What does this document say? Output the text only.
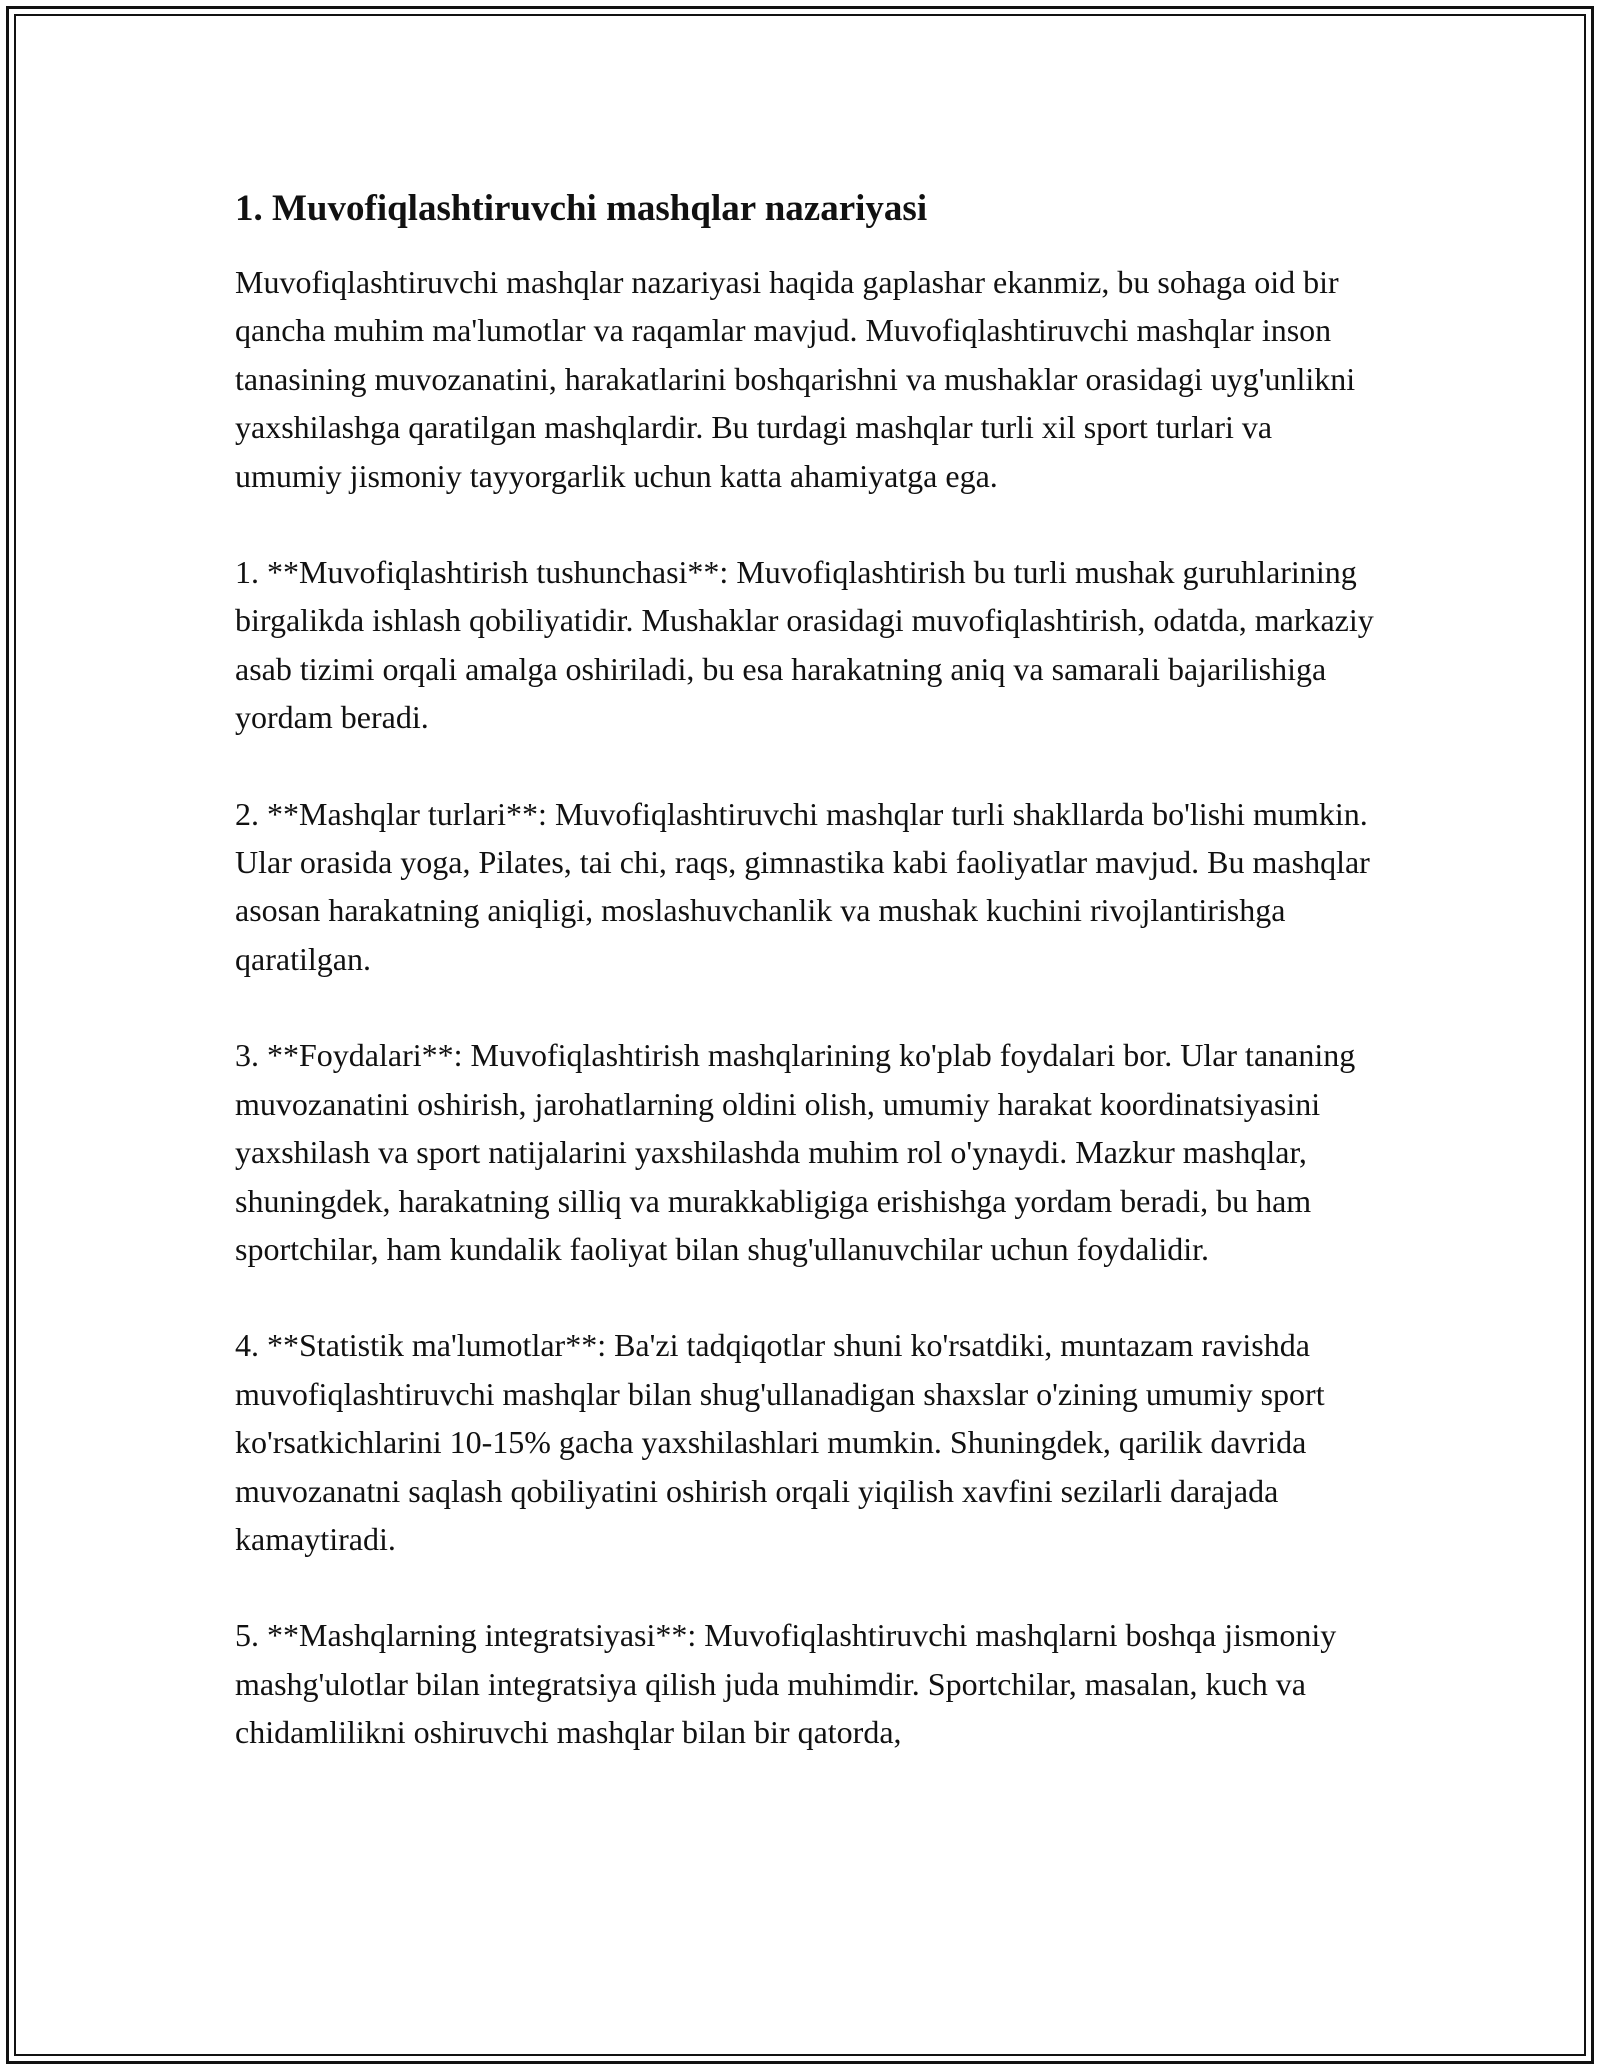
1. Muvofiqlashtiruvchi mashqlar nazariyasi

Muvofiqlashtiruvchi mashqlar nazariyasi haqida gaplashar ekanmiz, bu sohaga oid bir qancha muhim ma'lumotlar va raqamlar mavjud. Muvofiqlashtiruvchi mashqlar inson tanasining muvozanatini, harakatlarini boshqarishni va mushaklar orasidagi uyg'unlikni yaxshilashga qaratilgan mashqlardir. Bu turdagi mashqlar turli xil sport turlari va umumiy jismoniy tayyorgarlik uchun katta ahamiyatga ega.

1. **Muvofiqlashtirish tushunchasi**: Muvofiqlashtirish bu turli mushak guruhlarining birgalikda ishlash qobiliyatidir. Mushaklar orasidagi muvofiqlashtirish, odatda, markaziy asab tizimi orqali amalga oshiriladi, bu esa harakatning aniq va samarali bajarilishiga yordam beradi.

2. **Mashqlar turlari**: Muvofiqlashtiruvchi mashqlar turli shakllarda bo'lishi mumkin. Ular orasida yoga, Pilates, tai chi, raqs, gimnastika kabi faoliyatlar mavjud. Bu mashqlar asosan harakatning aniqligi, moslashuvchanlik va mushak kuchini rivojlantirishga qaratilgan.

3. **Foydalari**: Muvofiqlashtirish mashqlarining ko'plab foydalari bor. Ular tananing muvozanatini oshirish, jarohatlarning oldini olish, umumiy harakat koordinatsiyasini yaxshilash va sport natijalarini yaxshilashda muhim rol o'ynaydi. Mazkur mashqlar, shuningdek, harakatning silliq va murakkabligiga erishishga yordam beradi, bu ham sportchilar, ham kundalik faoliyat bilan shug'ullanuvchilar uchun foydalidir.

4. **Statistik ma'lumotlar**: Ba'zi tadqiqotlar shuni ko'rsatdiki, muntazam ravishda muvofiqlashtiruvchi mashqlar bilan shug'ullanadigan shaxslar o'zining umumiy sport ko'rsatkichlarini 10-15% gacha yaxshilashlari mumkin. Shuningdek, qarilik davrida muvozanatni saqlash qobiliyatini oshirish orqali yiqilish xavfini sezilarli darajada kamaytiradi.

5. **Mashqlarning integratsiyasi**: Muvofiqlashtiruvchi mashqlarni boshqa jismoniy mashg'ulotlar bilan integratsiya qilish juda muhimdir. Sportchilar, masalan, kuch va chidamlilikni oshiruvchi mashqlar bilan bir qatorda,
